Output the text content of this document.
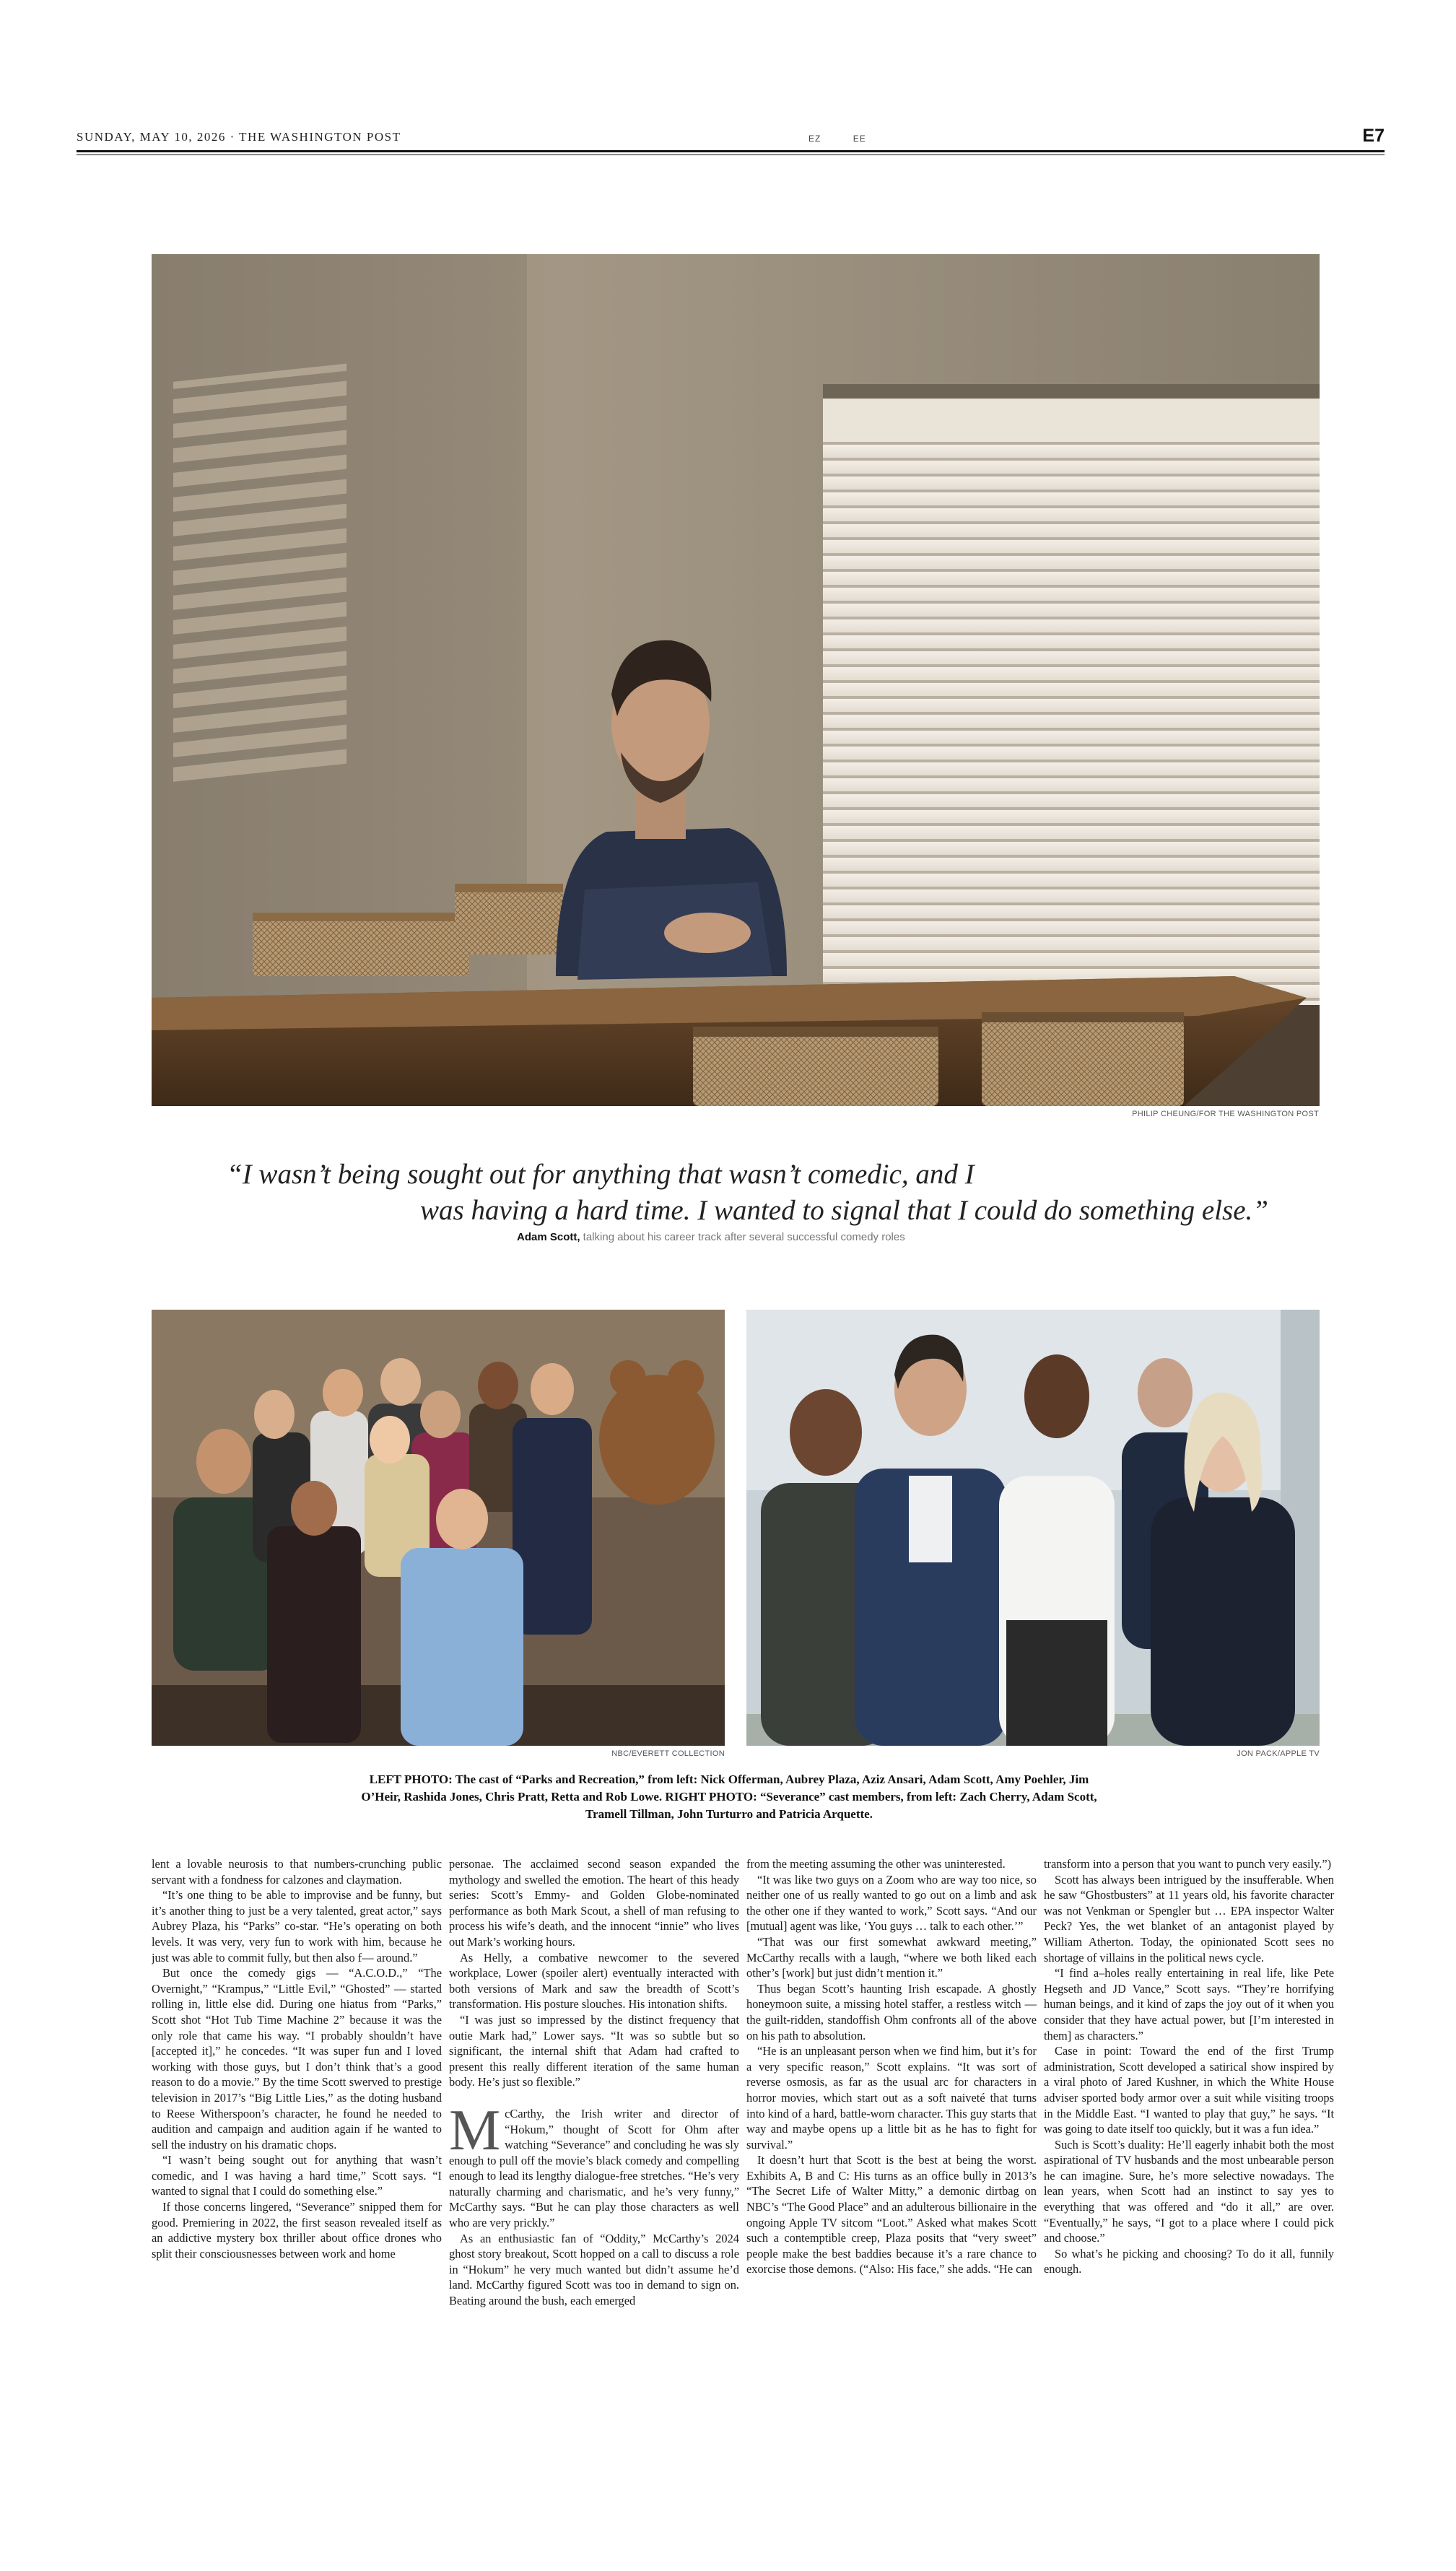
SUNDAY, MAY 10, 2026 · THE WASHINGTON POST	EZ	EE	E7
PHILIP CHEUNG/FOR THE WASHINGTON POST
“I wasn’t being sought out for anything that wasn’t comedic, and I
was having a hard time. I wanted to signal that I could do something else.”
Adam Scott, talking about his career track after several successful comedy roles
NBC/EVERETT COLLECTION	JON PACK/APPLE TV
LEFT PHOTO: The cast of “Parks and Recreation,” from left: Nick Offerman, Aubrey Plaza, Aziz Ansari, Adam Scott, Amy Poehler, Jim
O’Heir, Rashida Jones, Chris Pratt, Retta and Rob Lowe. RIGHT PHOTO: “Severance” cast members, from left: Zach Cherry, Adam Scott,
Tramell Tillman, John Turturro and Patricia Arquette.

lent a lovable neurosis to that numbers-crunching public servant with a fondness for calzones and claymation.

“It’s one thing to be able to improvise and be funny, but it’s another thing to just be a very talented, great actor,” says Aubrey Plaza, his “Parks” co-star. “He’s operating on both levels. It was very, very fun to work with him, because he just was able to commit fully, but then also f— around.”

But once the comedy gigs — “A.C.O.D.,” “The Overnight,” “Krampus,” “Little Evil,” “Ghosted” — started rolling in, little else did. During one hiatus from “Parks,” Scott shot “Hot Tub Time Machine 2” because it was the only role that came his way. “I probably shouldn’t have [accepted it],” he concedes. “It was super fun and I loved working with those guys, but I don’t think that’s a good reason to do a movie.” By the time Scott swerved to prestige television in 2017’s “Big Little Lies,” as the doting husband to Reese Witherspoon’s character, he found he needed to audition and campaign and audition again if he wanted to sell the industry on his dramatic chops.

“I wasn’t being sought out for anything that wasn’t comedic, and I was having a hard time,” Scott says. “I wanted to signal that I could do something else.”

If those concerns lingered, “Severance” snipped them for good. Premiering in 2022, the first season revealed itself as an addictive mystery box thriller about office drones who split their consciousnesses between work and home

personae. The acclaimed second season expanded the mythology and swelled the emotion. The heart of this heady series: Scott’s Emmy- and Golden Globe-nominated performance as both Mark Scout, a shell of man refusing to process his wife’s death, and the innocent “innie” who lives out Mark’s working hours.

As Helly, a combative newcomer to the severed workplace, Lower (spoiler alert) eventually interacted with both versions of Mark and saw the breadth of Scott’s transformation. His posture slouches. His intonation shifts.

“I was just so impressed by the distinct frequency that outie Mark had,” Lower says. “It was so subtle but so significant, the internal shift that Adam had crafted to present this really different iteration of the same human body. He’s just so flexible.”

McCarthy, the Irish writer and director of “Hokum,” thought of Scott for Ohm after watching “Severance” and concluding he was sly enough to pull off the movie’s black comedy and compelling enough to lead its lengthy dialogue-free stretches. “He’s very naturally charming and charismatic, and he’s very funny,” McCarthy says. “But he can play those characters as well who are very prickly.”

As an enthusiastic fan of “Oddity,” McCarthy’s 2024 ghost story breakout, Scott hopped on a call to discuss a role in “Hokum” he very much wanted but didn’t assume he’d land. McCarthy figured Scott was too in demand to sign on. Beating around the bush, each emerged

from the meeting assuming the other was uninterested.

“It was like two guys on a Zoom who are way too nice, so neither one of us really wanted to go out on a limb and ask the other one if they wanted to work,” Scott says. “And our [mutual] agent was like, ‘You guys … talk to each other.’”

“That was our first somewhat awkward meeting,” McCarthy recalls with a laugh, “where we both liked each other’s [work] but just didn’t mention it.”

Thus began Scott’s haunting Irish escapade. A ghostly honeymoon suite, a missing hotel staffer, a restless witch — the guilt-ridden, standoffish Ohm confronts all of the above on his path to absolution.

“He is an unpleasant person when we find him, but it’s for a very specific reason,” Scott explains. “It was sort of reverse osmosis, as far as the usual arc for characters in horror movies, which start out as a soft naiveté that turns into kind of a hard, battle-worn character. This guy starts that way and maybe opens up a little bit as he has to fight for survival.”

It doesn’t hurt that Scott is the best at being the worst. Exhibits A, B and C: His turns as an office bully in 2013’s “The Secret Life of Walter Mitty,” a demonic dirtbag on NBC’s “The Good Place” and an adulterous billionaire in the ongoing Apple TV sitcom “Loot.” Asked what makes Scott such a contemptible creep, Plaza posits that “very sweet” people make the best baddies because it’s a rare chance to exorcise those demons. (“Also: His face,” she adds. “He can

transform into a person that you want to punch very easily.”)

Scott has always been intrigued by the insufferable. When he saw “Ghostbusters” at 11 years old, his favorite character was not Venkman or Spengler but … EPA inspector Walter Peck? Yes, the wet blanket of an antagonist played by William Atherton. Today, the opinionated Scott sees no shortage of villains in the political news cycle.

“I find a–holes really entertaining in real life, like Pete Hegseth and JD Vance,” Scott says. “They’re horrifying human beings, and it kind of zaps the joy out of it when you consider that they have actual power, but [I’m interested in them] as characters.”

Case in point: Toward the end of the first Trump administration, Scott developed a satirical show inspired by a viral photo of Jared Kushner, in which the White House adviser sported body armor over a suit while visiting troops in the Middle East. “I wanted to play that guy,” he says. “It was going to date itself too quickly, but it was a fun idea.”

Such is Scott’s duality: He’ll eagerly inhabit both the most aspirational of TV husbands and the most unbearable person he can imagine. Sure, he’s more selective nowadays. The lean years, when Scott had an instinct to say yes to everything that was offered and “do it all,” are over. “Eventually,” he says, “I got to a place where I could pick and choose.”

So what’s he picking and choosing? To do it all, funnily enough.
